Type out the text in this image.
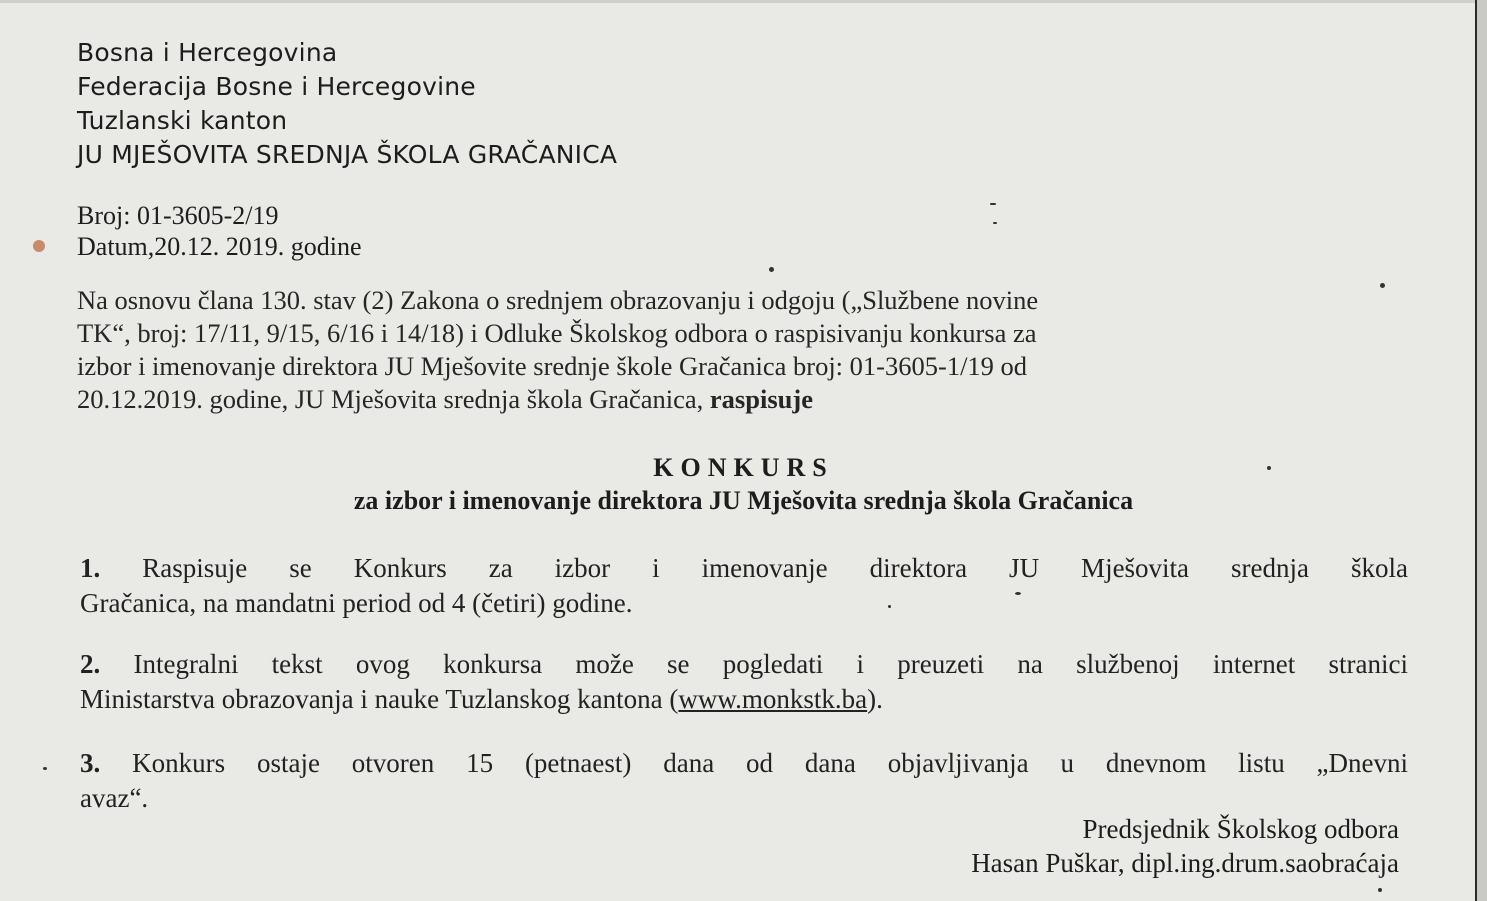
Bosna i Hercegovina
Federacija Bosne i Hercegovine
Tuzlanski kanton
JU MJEŠOVITA SREDNJA ŠKOLA GRAČANICA
Broj: 01-3605-2/19
Datum,20.12. 2019. godine
Na osnovu člana 130. stav (2) Zakona o srednjem obrazovanju i odgoju („Službene novine
TK“, broj: 17/11, 9/15, 6/16 i 14/18) i Odluke Školskog odbora o raspisivanju konkursa za
izbor i imenovanje direktora JU Mješovite srednje škole Gračanica broj: 01-3605-1/19 od
20.12.2019. godine, JU Mješovita srednja škola Gračanica, raspisuje
KONKURS
za izbor i imenovanje direktora JU Mješovita srednja škola Gračanica
1. Raspisuje se Konkurs za izbor i imenovanje direktora JU Mješovita srednja škola
Gračanica, na mandatni period od 4 (četiri) godine.
2. Integralni tekst ovog konkursa može se pogledati i preuzeti na službenoj internet stranici
Ministarstva obrazovanja i nauke Tuzlanskog kantona (www.monkstk.ba).
3. Konkurs ostaje otvoren 15 (petnaest) dana od dana objavljivanja u dnevnom listu „Dnevni
avaz“.
Predsjednik Školskog odbora
Hasan Puškar, dipl.ing.drum.saobraćaja
